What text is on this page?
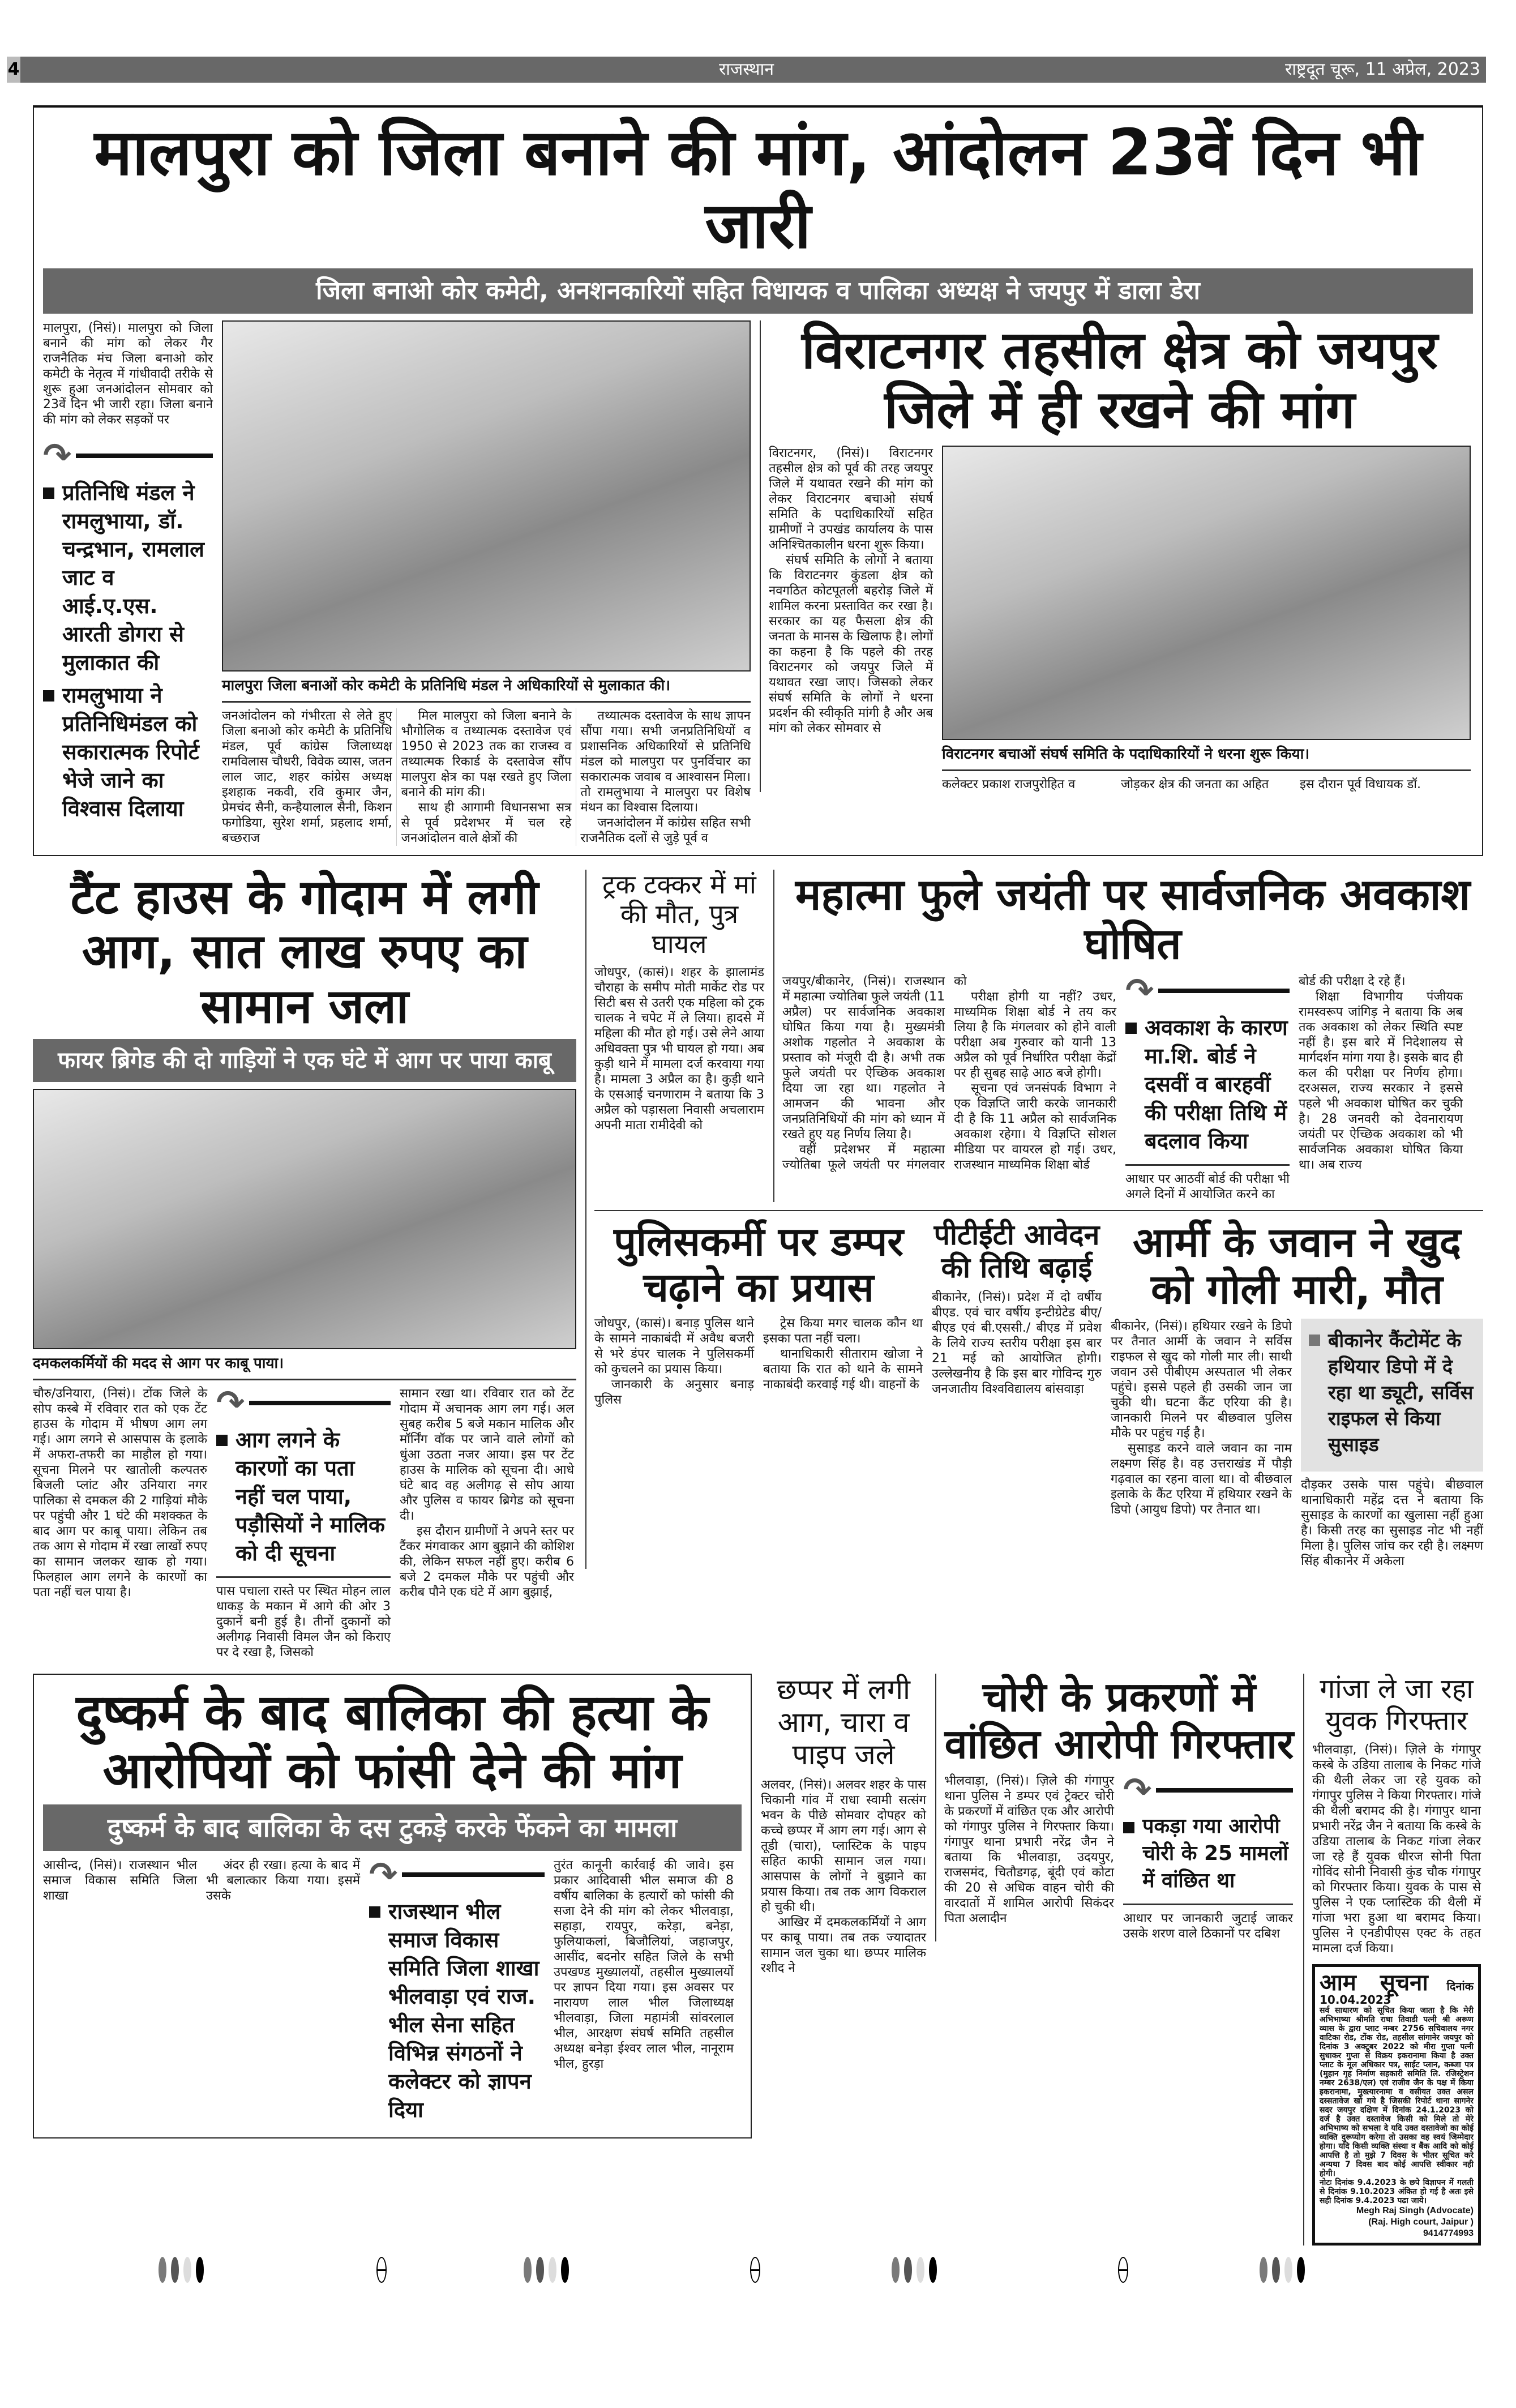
4	राजस्थान	राष्ट्रदूत चूरू, 11 अप्रेल, 2023
मालपुरा को जिला बनाने की मांग, आंदोलन 23वें दिन भी जारी
जिला बनाओ कोर कमेटी, अनशनकारियों सहित विधायक व पालिका अध्यक्ष ने जयपुर में डाला डेरा

मालपुरा, (निसं)। मालपुरा को जिला बनाने की मांग को लेकर गैर राजनैतिक मंच जिला बनाओ कोर कमेटी के नेतृत्व में गांधीवादी तरीके से शुरू हुआ जनआंदोलन सोमवार को 23वें दिन भी जारी रहा। जिला बनाने की मांग को लेकर सड़कों पर

↷
प्रतिनिधि मंडल ने रामलुभाया, डॉ. चन्द्रभान, रामलाल जाट व आई.ए.एस. आरती डोगरा से मुलाकात की
रामलुभाया ने प्रतिनिधिमंडल को सकारात्मक रिपोर्ट भेजे जाने का विश्वास दिलाया
मालपुरा जिला बनाओं कोर कमेटी के प्रतिनिधि मंडल ने अधिकारियों से मुलाकात की।

जनआंदोलन को गंभीरता से लेते हुए जिला बनाओ कोर कमेटी के प्रतिनिधि मंडल, पूर्व कांग्रेस जिलाध्यक्ष रामविलास चौधरी, विवेक व्यास, जतन लाल जाट, शहर कांग्रेस अध्यक्ष इशहाक नकवी, रवि कुमार जैन, प्रेमचंद सैनी, कन्हैयालाल सैनी, किशन फगोडिया, सुरेश शर्मा, प्रहलाद शर्मा, बच्छराज

मिल मालपुरा को जिला बनाने के भौगोलिक व तथ्यात्मक दस्तावेज एवं 1950 से 2023 तक का राजस्व व तथ्यात्मक रिकार्ड के दस्तावेज सौंप मालपुरा क्षेत्र का पक्ष रखते हुए जिला बनाने की मांग की।

साथ ही आगामी विधानसभा सत्र से पूर्व प्रदेशभर में चल रहे जनआंदोलन वाले क्षेत्रों की

तथ्यात्मक दस्तावेज के साथ ज्ञापन सौंपा गया। सभी जनप्रतिनिधियों व प्रशासनिक अधिकारियों से प्रतिनिधि मंडल को मालपुरा पर पुनर्विचार का सकारात्मक जवाब व आश्वासन मिला। तो रामलुभाया ने मालपुरा पर विशेष मंथन का विश्वास दिलाया।

जनआंदोलन में कांग्रेस सहित सभी राजनैतिक दलों से जुड़े पूर्व व

विराटनगर तहसील क्षेत्र को जयपुर जिले में ही रखने की मांग

विराटनगर, (निसं)। विराटनगर तहसील क्षेत्र को पूर्व की तरह जयपुर जिले में यथावत रखने की मांग को लेकर विराटनगर बचाओ संघर्ष समिति के पदाधिकारियों सहित ग्रामीणों ने उपखंड कार्यालय के पास अनिश्चितकालीन धरना शुरू किया।

संघर्ष समिति के लोगों ने बताया कि विराटनगर कुंडला क्षेत्र को नवगठित कोटपूतली बहरोड़ जिले में शामिल करना प्रस्तावित कर रखा है। सरकार का यह फैसला क्षेत्र की जनता के मानस के खिलाफ है। लोगों का कहना है कि पहले की तरह विराटनगर को जयपुर जिले में यथावत रखा जाए। जिसको लेकर संघर्ष समिति के लोगों ने धरना प्रदर्शन की स्वीकृति मांगी है और अब मांग को लेकर सोमवार से

विराटनगर बचाओं संघर्ष समिति के पदाधिकारियों ने धरना शुरू किया।

कलेक्टर प्रकाश राजपुरोहित व	जोड़कर क्षेत्र की जनता का अहित	इस दौरान पूर्व विधायक डॉ.

टैंट हाउस के गोदाम में लगी आग, सात लाख रुपए का सामान जला
फायर ब्रिगेड की दो गाड़ियों ने एक घंटे में आग पर पाया काबू
दमकलकर्मियों की मदद से आग पर काबू पाया।

चौरु/उनियारा, (निसं)। टोंक जिले के सोप कस्बे में रविवार रात को एक टेंट हाउस के गोदाम में भीषण आग लग गई। आग लगने से आसपास के इलाके में अफरा-तफरी का माहौल हो गया। सूचना मिलने पर खातोली कल्पतरु बिजली प्लांट और उनियारा नगर पालिका से दमकल की 2 गाड़ियां मौके पर पहुंची और 1 घंटे की मशक्कत के बाद आग पर काबू पाया। लेकिन तब तक आग से गोदाम में रखा लाखों रुपए का सामान जलकर खाक हो गया। फिलहाल आग लगने के कारणों का पता नहीं चल पाया है।

↷
आग लगने के कारणों का पता नहीं चल पाया, पड़ौसियों ने मालिक को दी सूचना

पास पचाला रास्ते पर स्थित मोहन लाल धाकड़ के मकान में आगे की ओर 3 दुकानें बनी हुई है। तीनों दुकानों को अलीगढ़ निवासी विमल जैन को किराए पर दे रखा है, जिसको

सामान रखा था। रविवार रात को टेंट गोदाम में अचानक आग लग गई। अल सुबह करीब 5 बजे मकान मालिक और मॉर्निंग वॉक पर जाने वाले लोगों को धुंआ उठता नजर आया। इस पर टेंट हाउस के मालिक को सूचना दी। आधे घंटे बाद वह अलीगढ़ से सोप आया और पुलिस व फायर ब्रिगेड को सूचना दी।

इस दौरान ग्रामीणों ने अपने स्तर पर टैंकर मंगवाकर आग बुझाने की कोशिश की, लेकिन सफल नहीं हुए। करीब 6 बजे 2 दमकल मौके पर पहुंची और करीब पौने एक घंटे में आग बुझाई,

ट्रक टक्कर में मां की मौत, पुत्र घायल

जोधपुर, (कासं)। शहर के झालामंड चौराहा के समीप मोती मार्केट रोड पर सिटी बस से उतरी एक महिला को ट्रक चालक ने चपेट में ले लिया। हादसे में महिला की मौत हो गई। उसे लेने आया अधिवक्ता पुत्र भी घायल हो गया। अब कुड़ी थाने में मामला दर्ज करवाया गया है। मामला 3 अप्रैल का है। कुड़ी थाने के एसआई चनणाराम ने बताया कि 3 अप्रैल को पड़ासला निवासी अचलाराम अपनी माता रामीदेवी को

महात्मा फुले जयंती पर सार्वजनिक अवकाश घोषित

जयपुर/बीकानेर, (निसं)। राजस्थान में महात्मा ज्योतिबा फुले जयंती (11 अप्रैल) पर सार्वजनिक अवकाश घोषित किया गया है। मुख्यमंत्री अशोक गहलोत ने अवकाश के प्रस्ताव को मंजूरी दी है। अभी तक फुले जयंती पर ऐच्छिक अवकाश दिया जा रहा था। गहलोत ने आमजन की भावना और जनप्रतिनिधियों की मांग को ध्यान में रखते हुए यह निर्णय लिया है।

वहीं प्रदेशभर में महात्मा ज्योतिबा फूले जयंती पर मंगलवार को

परीक्षा होगी या नहीं? उधर, माध्यमिक शिक्षा बोर्ड ने तय कर लिया है कि मंगलवार को होने वाली परीक्षा अब गुरुवार को यानी 13 अप्रैल को पूर्व निर्धारित परीक्षा केंद्रों पर ही सुबह साढ़े आठ बजे होगी।

सूचना एवं जनसंपर्क विभाग ने एक विज्ञप्ति जारी करके जानकारी दी है कि 11 अप्रैल को सार्वजनिक अवकाश रहेगा। ये विज्ञप्ति सोशल मीडिया पर वायरल हो गई। उधर, राजस्थान माध्यमिक शिक्षा बोर्ड

↷
अवकाश के कारण मा.शि. बोर्ड ने दसवीं व बारहवीं की परीक्षा तिथि में बदलाव किया

आधार पर आठवीं बोर्ड की परीक्षा भी अगले दिनों में आयोजित करने का

बोर्ड की परीक्षा दे रहे हैं।

शिक्षा विभागीय पंजीयक रामस्वरूप जांगिड़ ने बताया कि अब तक अवकाश को लेकर स्थिति स्पष्ट नहीं है। इस बारे में निदेशालय से मार्गदर्शन मांगा गया है। इसके बाद ही कल की परीक्षा पर निर्णय होगा। दरअसल, राज्य सरकार ने इससे पहले भी अवकाश घोषित कर चुकी है। 28 जनवरी को देवनारायण जयंती पर ऐच्छिक अवकाश को भी सार्वजनिक अवकाश घोषित किया था। अब राज्य

पुलिसकर्मी पर डम्पर चढ़ाने का प्रयास

जोधपुर, (कासं)। बनाड़ पुलिस थाने के सामने नाकाबंदी में अवैध बजरी से भरे डंपर चालक ने पुलिसकर्मी को कुचलने का प्रयास किया।

जानकारी के अनुसार बनाड़ पुलिस

ट्रेस किया मगर चालक कौन था इसका पता नहीं चला।

थानाधिकारी सीताराम खोजा ने बताया कि रात को थाने के सामने नाकाबंदी करवाई गई थी। वाहनों के

पीटीईटी आवेदन की तिथि बढ़ाई

बीकानेर, (निसं)। प्रदेश में दो वर्षीय बीएड. एवं चार वर्षीय इन्टीग्रेटेड बीए/बीएड एवं बी.एससी./ बीएड में प्रवेश के लिये राज्य स्तरीय परीक्षा इस बार 21 मई को आयोजित होगी। उल्लेखनीय है कि इस बार गोविन्द गुरु जनजातीय विश्वविद्यालय बांसवाड़ा

आर्मी के जवान ने खुद को गोली मारी, मौत

बीकानेर, (निसं)। हथियार रखने के डिपो पर तैनात आर्मी के जवान ने सर्विस राइफल से खुद को गोली मार ली। साथी जवान उसे पीबीएम अस्पताल भी लेकर पहुंचे। इससे पहले ही उसकी जान जा चुकी थी। घटना कैंट एरिया की है। जानकारी मिलने पर बीछवाल पुलिस मौके पर पहुंच गई है।

सुसाइड करने वाले जवान का नाम लक्ष्मण सिंह है। वह उत्तराखंड में पौड़ी गढ़वाल का रहना वाला था। वो बीछवाल इलाके के कैंट एरिया में हथियार रखने के डिपो (आयुध डिपो) पर तैनात था।

बीकानेर कैंटोमेंट के हथियार डिपो में दे रहा था ड्यूटी, सर्विस राइफल से किया सुसाइड

दौड़कर उसके पास पहुंचे। बीछवाल थानाधिकारी महेंद्र दत्त ने बताया कि सुसाइड के कारणों का खुलासा नहीं हुआ है। किसी तरह का सुसाइड नोट भी नहीं मिला है। पुलिस जांच कर रही है। लक्ष्मण सिंह बीकानेर में अकेला

दुष्कर्म के बाद बालिका की हत्या के आरोपियों को फांसी देने की मांग
दुष्कर्म के बाद बालिका के दस टुकड़े करके फेंकने का मामला

आसीन्द, (निसं)। राजस्थान भील समाज विकास समिति जिला शाखा

अंदर ही रखा। हत्या के बाद में भी बलात्कार किया गया। इसमें उसके

↷
राजस्थान भील समाज विकास समिति जिला शाखा भीलवाड़ा एवं राज. भील सेना सहित विभिन्न संगठनों ने कलेक्टर को ज्ञापन दिया

तुरंत कानूनी कार्रवाई की जावे। इस प्रकार आदिवासी भील समाज की 8 वर्षीय बालिका के हत्यारों को फांसी की सजा देने की मांग को लेकर भीलवाड़ा, सहाड़ा, रायपुर, करेड़ा, बनेड़ा, फुलियाकलां, बिजौलियां, जहाजपुर, आसींद, बदनोर सहित जिले के सभी उपखण्ड मुख्यालयों, तहसील मुख्यालयों पर ज्ञापन दिया गया। इस अवसर पर नारायण लाल भील जिलाध्यक्ष भीलवाड़ा, जिला महामंत्री सांवरलाल भील, आरक्षण संघर्ष समिति तहसील अध्यक्ष बनेड़ा ईश्वर लाल भील, नानूराम भील, हुरड़ा

छप्पर में लगी आग, चारा व पाइप जले

अलवर, (निसं)। अलवर शहर के पास चिकानी गांव में राधा स्वामी सत्संग भवन के पीछे सोमवार दोपहर को कच्चे छप्पर में आग लग गई। आग से तूडी (चारा), प्लास्टिक के पाइप सहित काफी सामान जल गया। आसपास के लोगों ने बुझाने का प्रयास किया। तब तक आग विकराल हो चुकी थी।

आखिर में दमकलकर्मियों ने आग पर काबू पाया। तब तक ज्यादातर सामान जल चुका था। छप्पर मालिक रशीद ने

चोरी के प्रकरणों में वांछित आरोपी गिरफ्तार

भीलवाड़ा, (निसं)। ज़िले की गंगापुर थाना पुलिस ने डम्पर एवं ट्रेक्टर चोरी के प्रकरणों में वांछित एक और आरोपी को गंगापुर पुलिस ने गिरफ्तार किया। गंगापुर थाना प्रभारी नरेंद्र जैन ने बताया कि भीलवाड़ा, उदयपुर, राजसमंद, चितौडगढ़, बूंदी एवं कोटा की 20 से अधिक वाहन चोरी की वारदातों में शामिल आरोपी सिकंदर पिता अलादीन

↷
पकड़ा गया आरोपी चोरी के 25 मामलों में वांछित था

आधार पर जानकारी जुटाई जाकर उसके शरण वाले ठिकानों पर दबिश

गांजा ले जा रहा युवक गिरफ्तार

भीलवाड़ा, (निसं)। ज़िले के गंगापुर कस्बे के उडिया तालाब के निकट गांजे की थैली लेकर जा रहे युवक को गंगापुर पुलिस ने किया गिरफ्तार। गांजे की थैली बरामद की है। गंगापुर थाना प्रभारी नरेंद्र जैन ने बताया कि कस्बे के उडिया तालाब के निकट गांजा लेकर जा रहे हैं युवक धीरज सोनी पिता गोविंद सोनी निवासी कुंड चौक गंगापुर को गिरफ्तार किया। युवक के पास से पुलिस ने एक प्लास्टिक की थैली में गांजा भरा हुआ था बरामद किया। पुलिस ने एनडीपीएस एक्ट के तहत मामला दर्ज किया।

आम सूचना दिनांक 10.04.2023
सर्व साधारण को सूचित किया जाता है कि मेरी अभिभाष्या श्रीमति राधा तिवाडी पत्नी श्री अरूण व्यास के द्वारा प्लाट नम्बर 2756 सचिवालय नगर वाटिका रोड, टोंक रोड, तहसील सांगानेर जयपुर को दिनांक 3 अक्टूबर 2022 को मीरा गुप्ता पत्नी सुधाकर गुप्ता से विक्रय इकरानामा किया है उक्त प्लाट के मूल अधिकार पत्र, साईट प्लान, कब्जा पत्र (मुहान गृह निर्माण सहकारी समिति लि. रजिस्ट्रेशन नम्बर 2638/एल) एवं राजीव जैन के पक्ष में किया इकरानामा, मुख्त्यारनामा व वसीयत उक्त असल दस्सतावेज खो गये है जिसकी रिपोर्ट थाना सागनेर सदर जयपुर दक्षिण में दिनांक 24.1.2023 को दर्ज है उक्त दस्तावेज किसी को मिले तो मेरे अभिभाष्य को सभला दे यदि उक्त दस्तावेजो का कोई व्यक्ति दुरूप्योग करेगा तो उसका वह स्वयं जिम्मेदार होगा। यदि किसी व्यक्ति संस्था व बैंक आदि को कोई आपत्ति है तो मुझे 7 दिवस के भीतर सूचित करे अन्यथा 7 दिवस बाद कोई आपत्ति स्वीकार नही होगी।
नोटः दिनांक 9.4.2023 के छपे विज्ञापन में गलती से दिनांक 9.10.2023 अंकित हो गई है अतः इसे सही दिनांक 9.4.2023 पढा जाये।
Megh Raj Singh (Advocate)
(Raj. High court, Jaipur ) 9414774993
